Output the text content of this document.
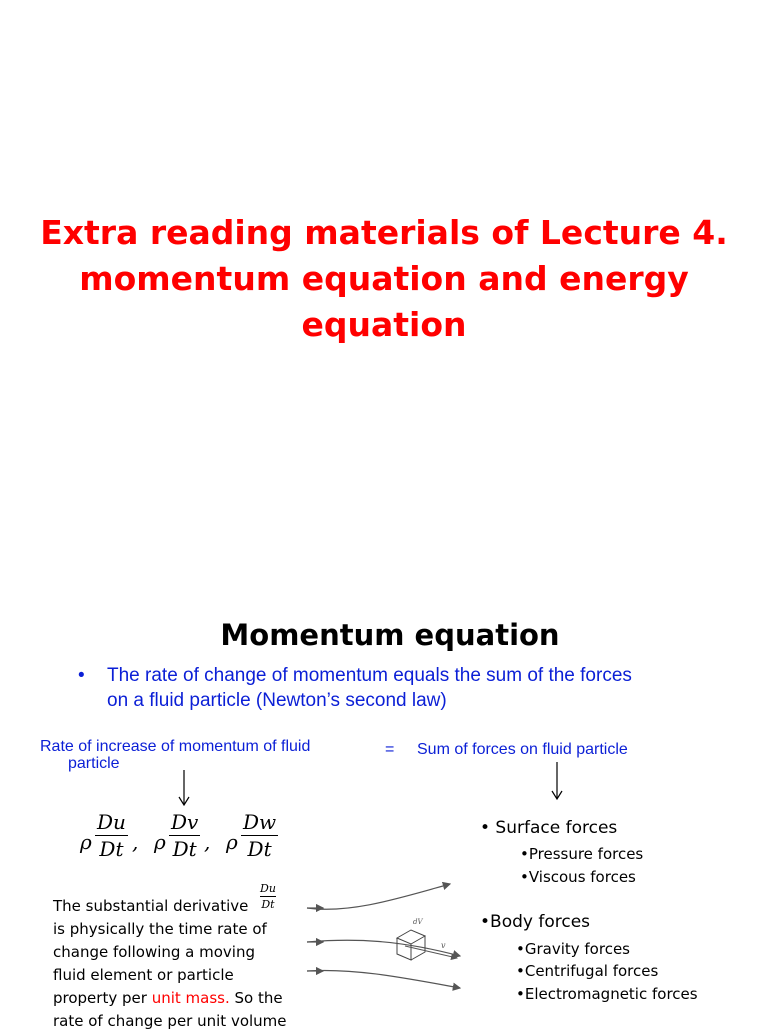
Extra reading materials of Lecture 4.
momentum equation and energy
equation
Momentum equation
• The rate of change of momentum equals the sum of the forces
on a fluid particle (Newton’s second law)
Rate of increase of momentum of fluid
particle
= Sum of forces on fluid particle
ρ
Du
Dt , ρ
Dv
Dt , ρ
Dw
Dt
The substantial derivative
is physically the time rate of
change following a moving
fluid element or particle
property per unit mass. So the
rate of change per unit volume
Du
Dt
dV
v
• Surface forces
•Pressure forces
•Viscous forces
•Body forces
•Gravity forces
•Centrifugal forces
•Electromagnetic forces
